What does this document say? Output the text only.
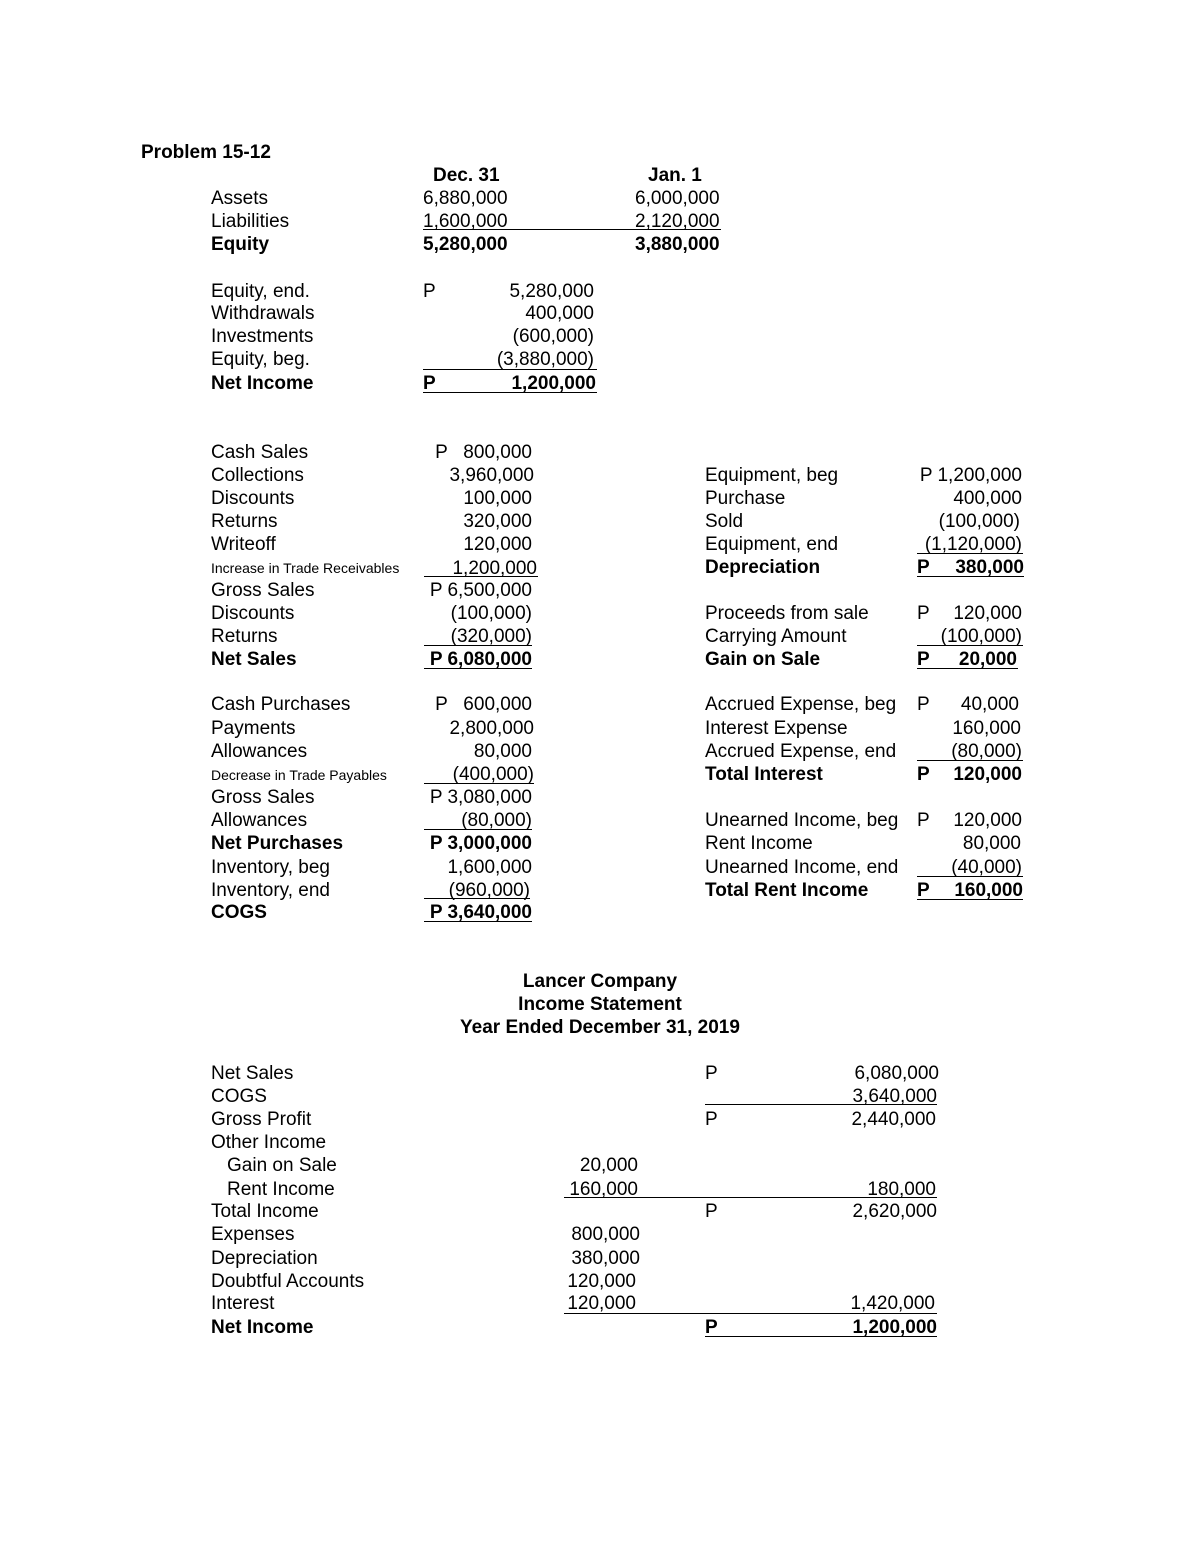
Problem 15-12
Dec. 31	Jan. 1
Assets	6,880,000	6,000,000
Liabilities	1,600,000	2,120,000
Equity	5,280,000	3,880,000
Equity, end.	P	5,280,000
Withdrawals	400,000
Investments	(600,000)
Equity, beg.	(3,880,000)
Net Income	P	1,200,000
Cash Sales	P   800,000
Collections	3,960,000
Discounts	100,000
Returns	320,000
Writeoff	120,000
Increase in Trade Receivables	1,200,000
Gross Sales	P 6,500,000
Discounts	(100,000)
Returns	(320,000)
Net Sales	P 6,080,000
Cash Purchases	P   600,000
Payments	2,800,000
Allowances	80,000
Decrease in Trade Payables	(400,000)
Gross Sales	P 3,080,000
Allowances	(80,000)
Net Purchases	P 3,000,000
Inventory, beg	1,600,000
Inventory, end	(960,000)
COGS	P 3,640,000
Equipment, beg	P 1,200,000
Purchase	400,000
Sold	(100,000)
Equipment, end	(1,120,000)
Depreciation	P	380,000
Proceeds from sale	P	120,000
Carrying Amount	(100,000)
Gain on Sale	P	20,000
Accrued Expense, beg P	40,000
Interest Expense	160,000
Accrued Expense, end	(80,000)
Total Interest	P	120,000
Unearned Income, beg P	120,000
Rent Income	80,000
Unearned Income, end	(40,000)
Total Rent Income	P	160,000
Lancer Company
Income Statement
Year Ended December 31, 2019
Net Sales	P	6,080,000
COGS	3,640,000
Gross Profit	P	2,440,000
Other Income
Gain on Sale	20,000
Rent Income	160,000	180,000
Total Income	P	2,620,000
Expenses	800,000
Depreciation	380,000
Doubtful Accounts	120,000
Interest	120,000	1,420,000
Net Income	P	1,200,000
